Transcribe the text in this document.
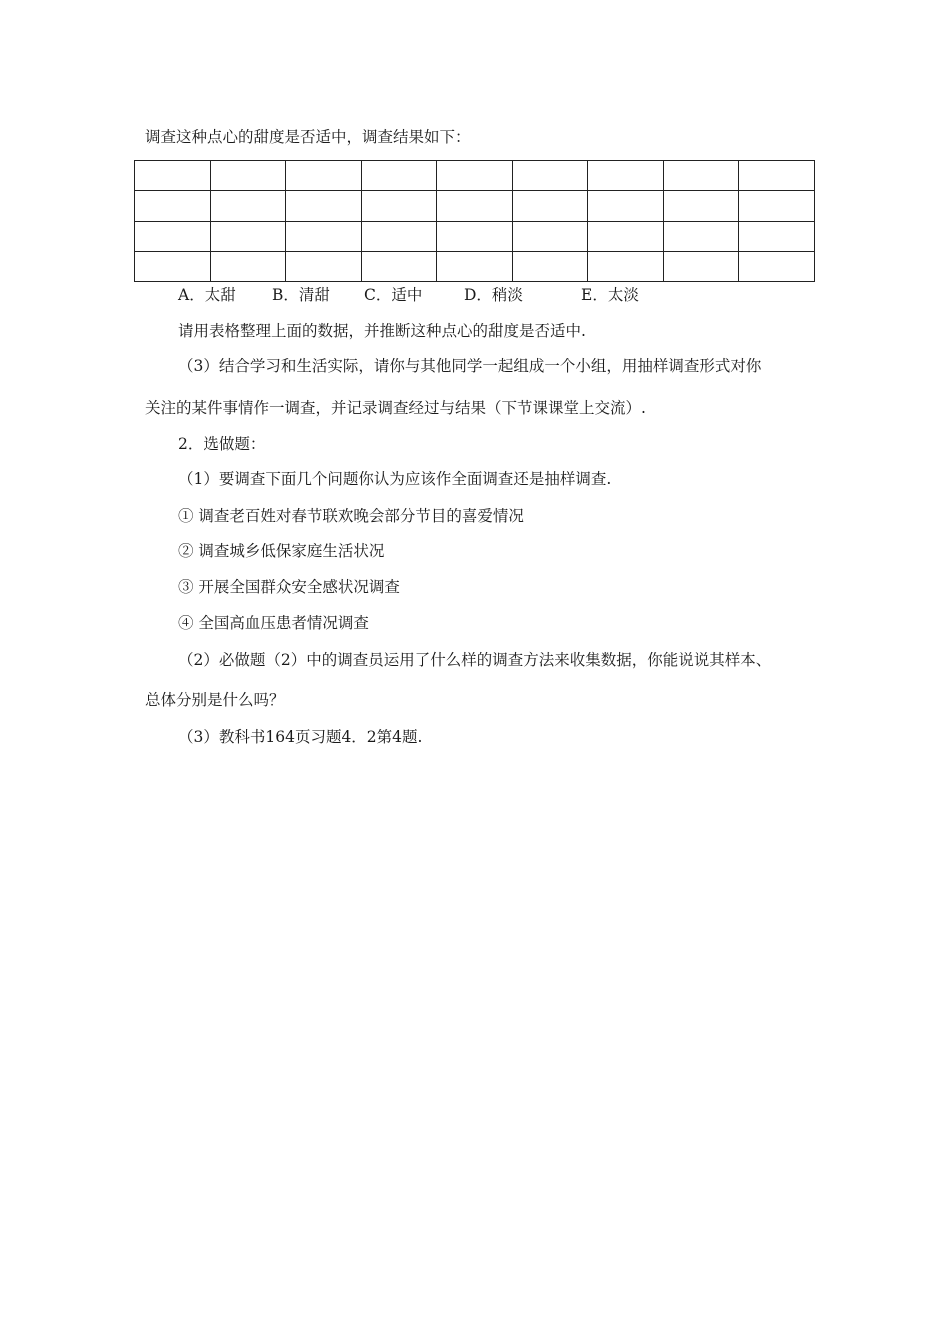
调查这种点心的甜度是否适中，调查结果如下：

A．太甜 B．清甜 C．适中	D．稍淡	E．太淡
请用表格整理上面的数据，并推断这种点心的甜度是否适中.
（3）结合学习和生活实际，请你与其他同学一起组成一个小组，用抽样调查形式对你
关注的某件事情作一调查，并记录调查经过与结果（下节课课堂上交流）.
2．选做题：
（1）要调查下面几个问题你认为应该作全面调查还是抽样调查.
① 调查老百姓对春节联欢晚会部分节目的喜爱情况
② 调查城乡低保家庭生活状况
③ 开展全国群众安全感状况调查
④ 全国高血压患者情况调查
（2）必做题（2）中的调查员运用了什么样的调查方法来收集数据，你能说说其样本、
总体分别是什么吗？
（3）教科书164页习题4．2第4题.
